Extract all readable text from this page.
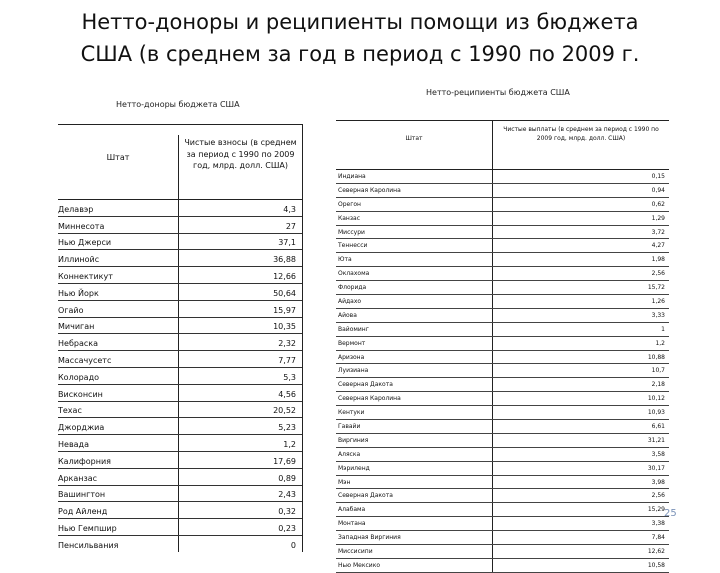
Нетто-доноры и реципиенты помощи из бюджета
США (в среднем за год в период с 1990 по 2009 г.
Нетто-доноры бюджета США
Нетто-реципиенты бюджета США
Штат
Чистые взносы (в среднем за период с 1990 по 2009 год, млрд. долл. США)
Делавэр	4,3
Миннесота	27
Нью Джерси	37,1
Иллинойс	36,88
Коннектикут	12,66
Нью Йорк	50,64
Огайо	15,97
Мичиган	10,35
Небраска	2,32
Массачусетс	7,77
Колорадо	5,3
Висконсин	4,56
Техас	20,52
Джорджиа	5,23
Невада	1,2
Калифорния	17,69
Арканзас	0,89
Вашингтон	2,43
Род Айленд	0,32
Нью Гемпшир	0,23
Пенсильвания	0
Штат
Чистые выплаты (в среднем за период с 1990 по 2009 год, млрд. долл. США)
Индиана	0,15
Северная Каролина	0,94
Орегон	0,62
Канзас	1,29
Миссури	3,72
Теннесси	4,27
Юта	1,98
Оклахома	2,56
Флорида	15,72
Айдахо	1,26
Айова	3,33
Вайоминг	1
Вермонт	1,2
Аризона	10,88
Луизиана	10,7
Северная Дакота	2,18
Северная Каролина	10,12
Кентуки	10,93
Гавайи	6,61
Виргиния	31,21
Аляска	3,58
Мэриленд	30,17
Мэн	3,98
Северная Дакота	2,56
Алабама	15,29
Монтана	3,38
Западная Виргиния	7,84
Миссисипи	12,62
Нью Мексико	10,58
25
